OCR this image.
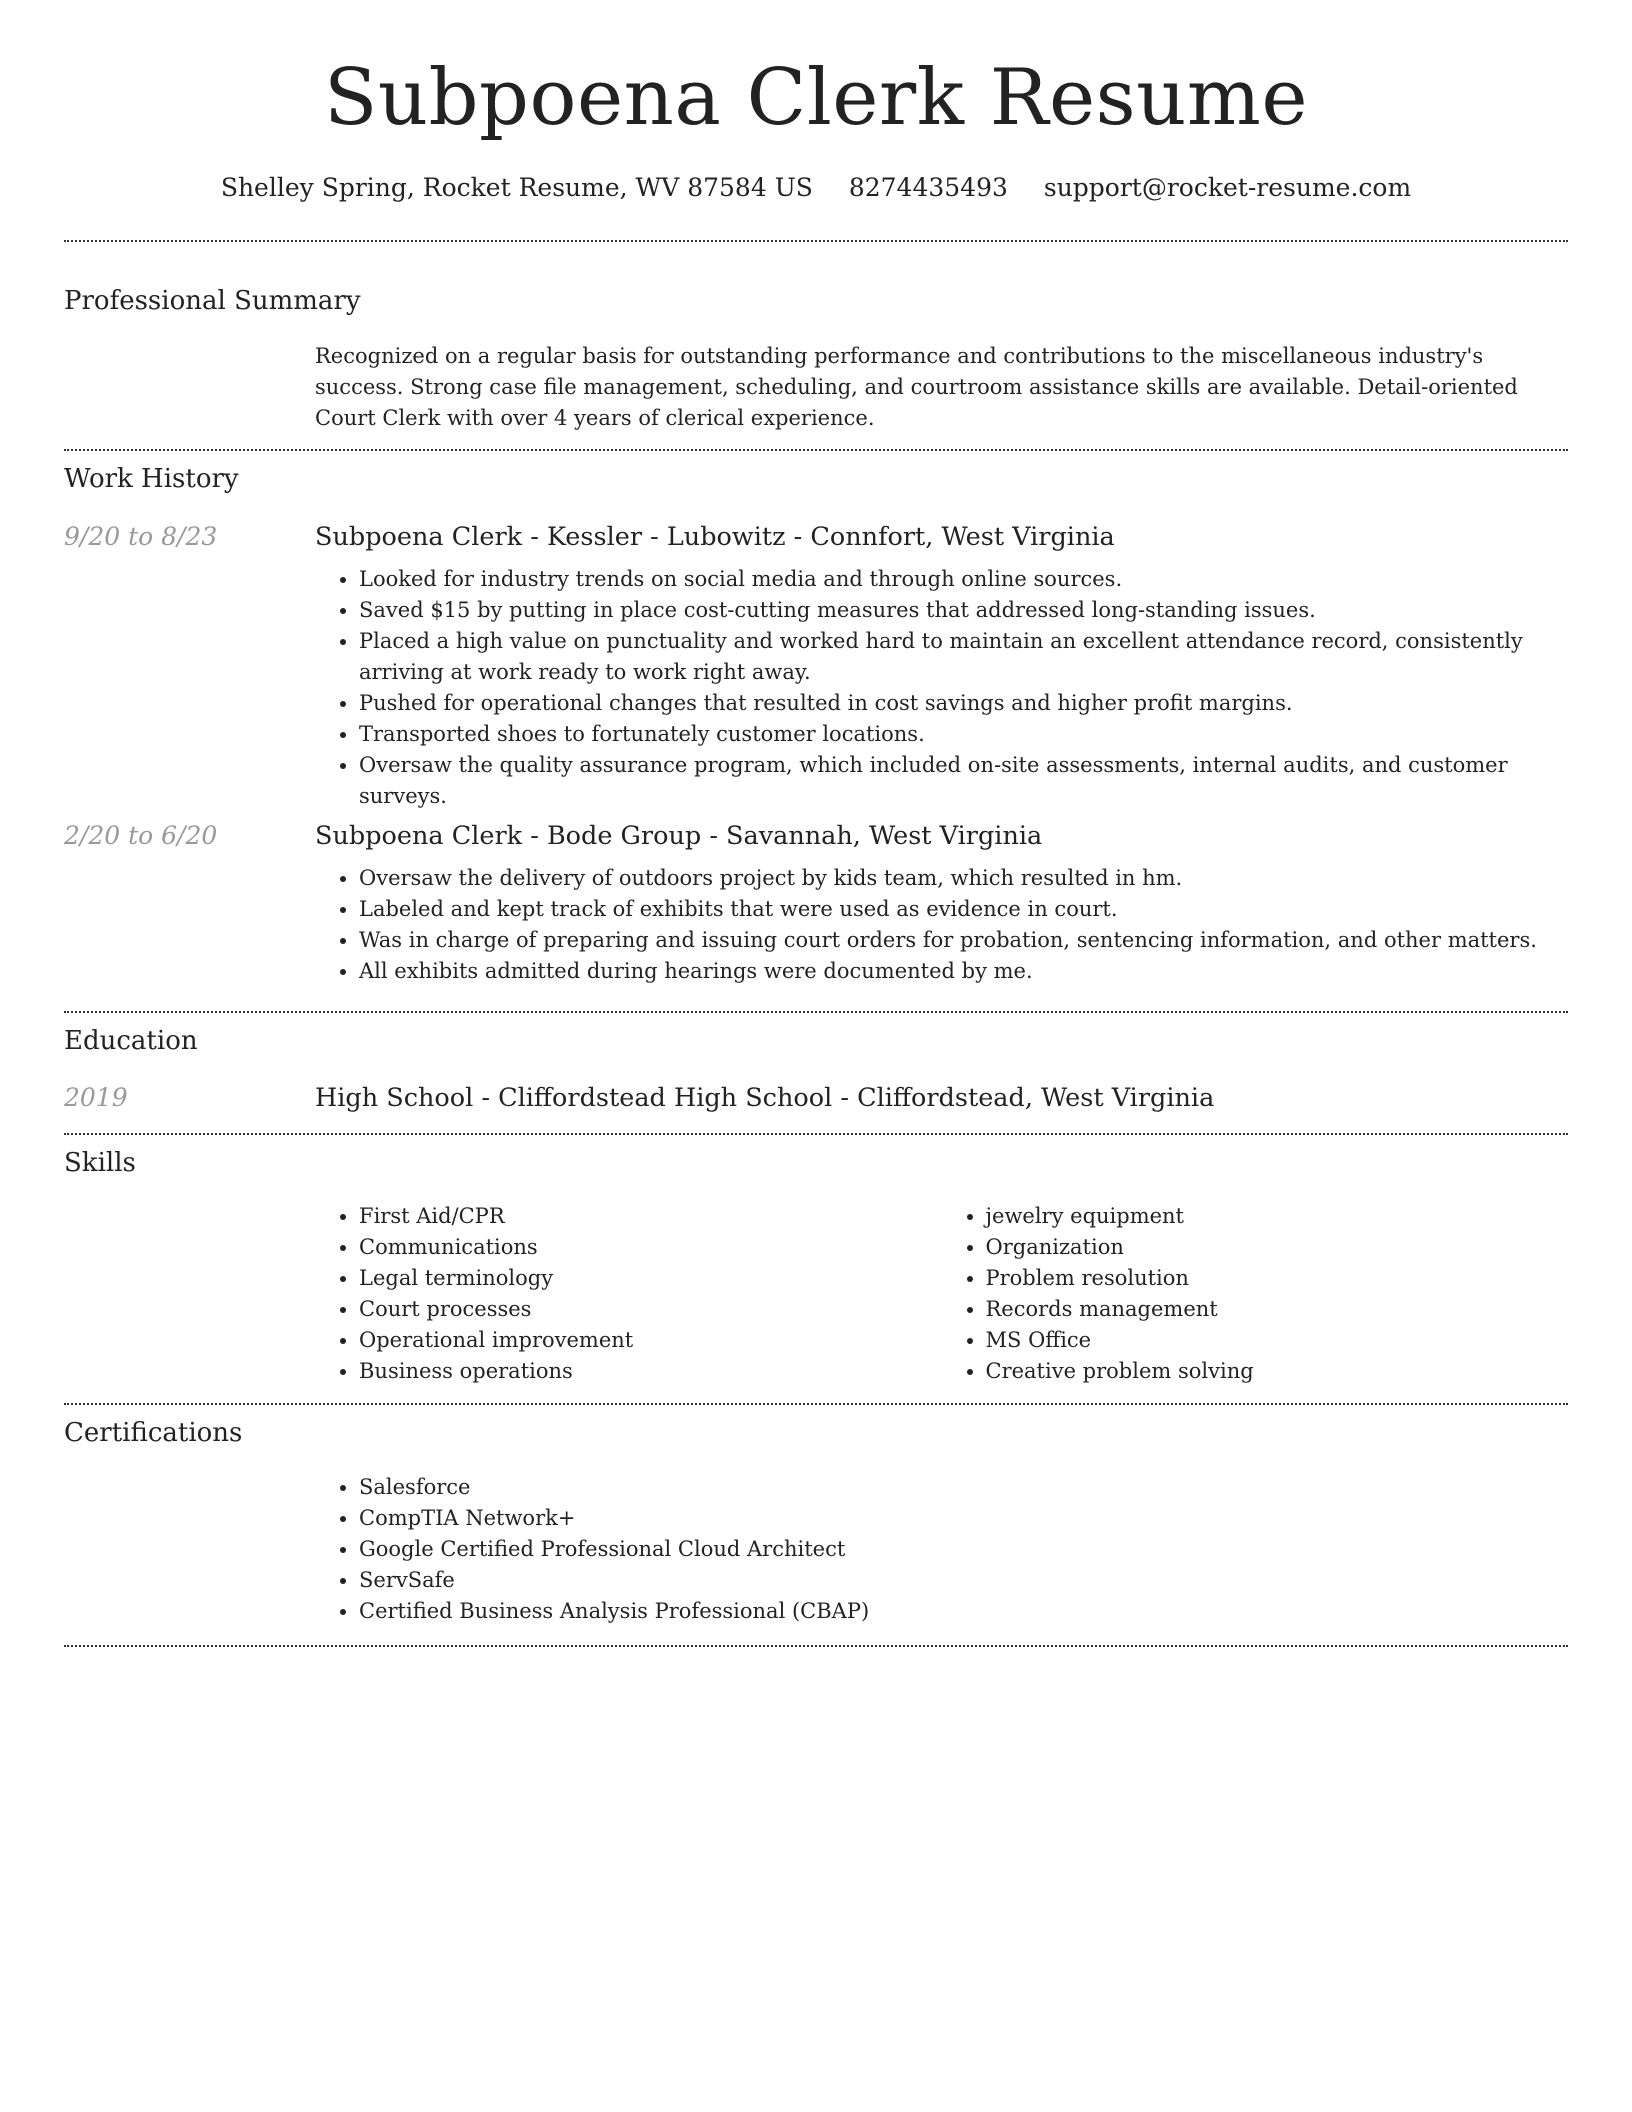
Subpoena Clerk Resume
Shelley Spring, Rocket Resume, WV 87584 US 8274435493 support@rocket-resume.com
Professional Summary

Recognized on a regular basis for outstanding performance and contributions to the miscellaneous industry's success. Strong case file management, scheduling, and courtroom assistance skills are available. Detail-oriented Court Clerk with over 4 years of clerical experience.

Work History
9/20 to 8/23	Subpoena Clerk - Kessler - Lubowitz - Connfort, West Virginia

• Looked for industry trends on social media and through online sources.
• Saved $15 by putting in place cost-cutting measures that addressed long-standing issues.
• Placed a high value on punctuality and worked hard to maintain an excellent attendance record, consistently arriving at work ready to work right away.
• Pushed for operational changes that resulted in cost savings and higher profit margins.
• Transported shoes to fortunately customer locations.
• Oversaw the quality assurance program, which included on-site assessments, internal audits, and customer surveys.
2/20 to 6/20	Subpoena Clerk - Bode Group - Savannah, West Virginia

• Oversaw the delivery of outdoors project by kids team, which resulted in hm.
• Labeled and kept track of exhibits that were used as evidence in court.
• Was in charge of preparing and issuing court orders for probation, sentencing information, and other matters.
• All exhibits admitted during hearings were documented by me.
Education
2019	High School - Cliffordstead High School - Cliffordstead, West Virginia

Skills
• First Aid/CPR
• Communications
• Legal terminology
• Court processes
• Operational improvement
• Business operations
• jewelry equipment
• Organization
• Problem resolution
• Records management
• MS Office
• Creative problem solving
Certifications
• Salesforce
• CompTIA Network+
• Google Certified Professional Cloud Architect
• ServSafe
• Certified Business Analysis Professional (CBAP)
